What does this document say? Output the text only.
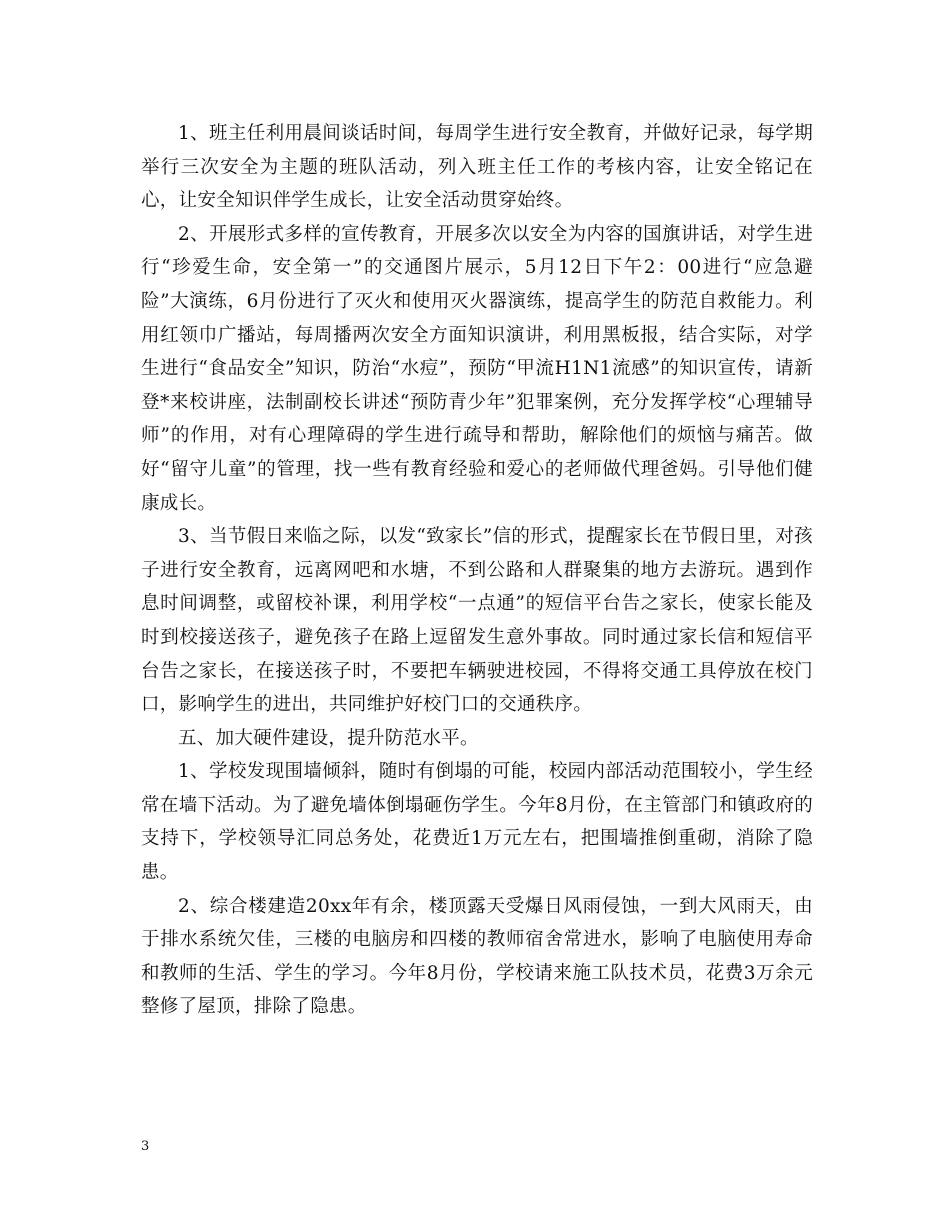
1、班主任利用晨间谈话时间，每周学生进行安全教育，并做好记录，每学期举行三次安全为主题的班队活动，列入班主任工作的考核内容，让安全铭记在心，让安全知识伴学生成长，让安全活动贯穿始终。

2、开展形式多样的宣传教育，开展多次以安全为内容的国旗讲话，对学生进行“珍爱生命，安全第一”的交通图片展示，5月12日下午2：00进行“应急避险”大演练，6月份进行了灭火和使用灭火器演练，提高学生的防范自救能力。利用红领巾广播站，每周播两次安全方面知识演讲，利用黑板报，结合实际，对学生进行“食品安全”知识，防治“水痘”，预防“甲流H1N1流感”的知识宣传，请新登*来校讲座，法制副校长讲述“预防青少年”犯罪案例，充分发挥学校“心理辅导师”的作用，对有心理障碍的学生进行疏导和帮助，解除他们的烦恼与痛苦。做好“留守儿童”的管理，找一些有教育经验和爱心的老师做代理爸妈。引导他们健康成长。

3、当节假日来临之际，以发“致家长”信的形式，提醒家长在节假日里，对孩子进行安全教育，远离网吧和水塘，不到公路和人群聚集的地方去游玩。遇到作息时间调整，或留校补课，利用学校“一点通”的短信平台告之家长，使家长能及时到校接送孩子，避免孩子在路上逗留发生意外事故。同时通过家长信和短信平台告之家长，在接送孩子时，不要把车辆驶进校园，不得将交通工具停放在校门口，影响学生的进出，共同维护好校门口的交通秩序。

五、加大硬件建设，提升防范水平。

1、学校发现围墙倾斜，随时有倒塌的可能，校园内部活动范围较小，学生经常在墙下活动。为了避免墙体倒塌砸伤学生。今年8月份，在主管部门和镇政府的支持下，学校领导汇同总务处，花费近1万元左右，把围墙推倒重砌，消除了隐患。

2、综合楼建造20xx年有余，楼顶露天受爆日风雨侵蚀，一到大风雨天，由于排水系统欠佳，三楼的电脑房和四楼的教师宿舍常进水，影响了电脑使用寿命和教师的生活、学生的学习。今年8月份，学校请来施工队技术员，花费3万余元整修了屋顶，排除了隐患。

3
